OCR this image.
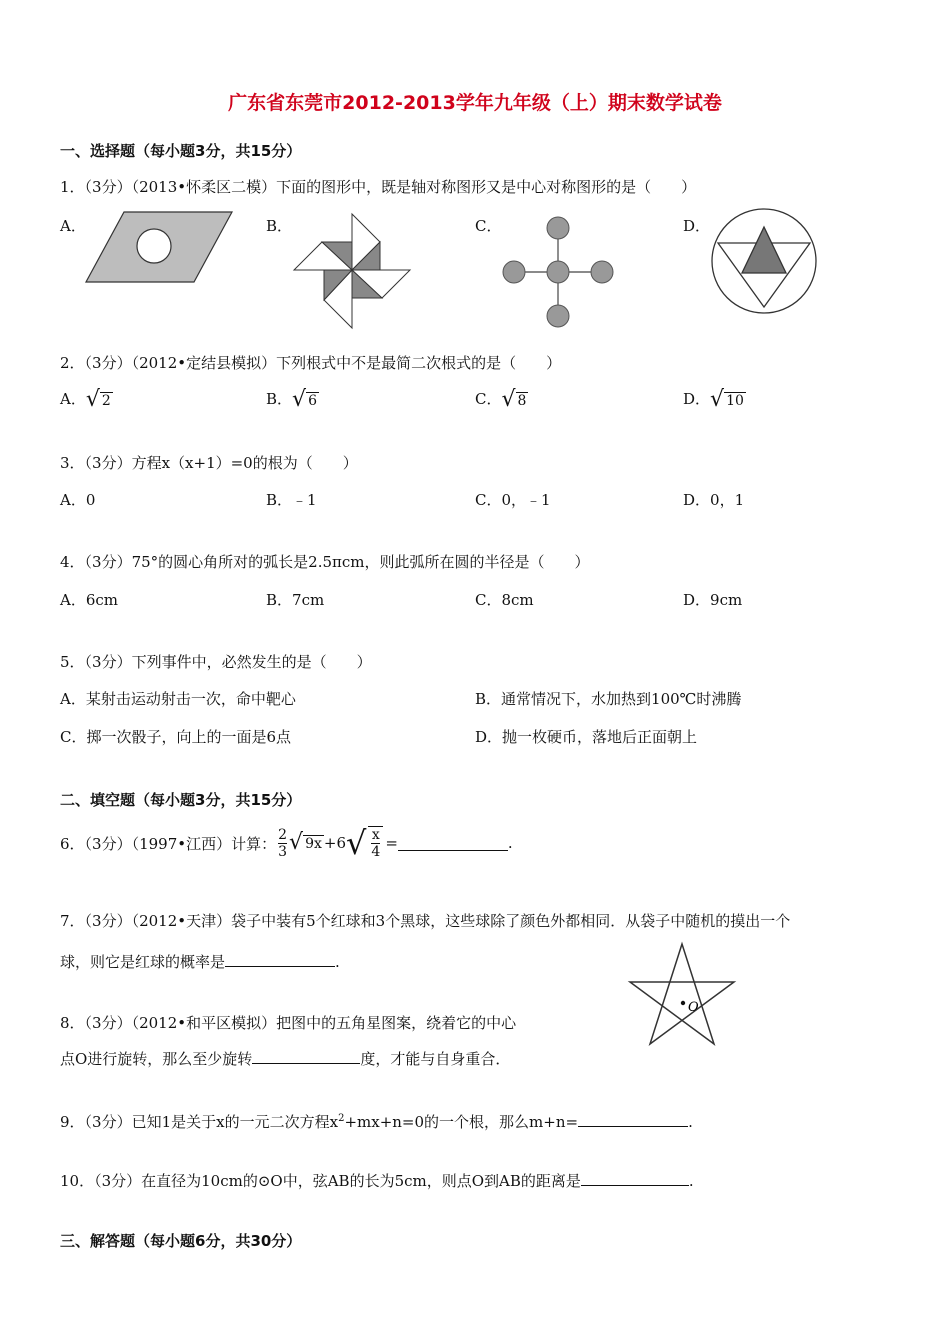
广东省东莞市2012-2013学年九年级（上）期末数学试卷
一、选择题（每小题3分，共15分）
1．（3分）（2013•怀柔区二模）下面的图形中，既是轴对称图形又是中心对称图形的是（　　）
A．	B．	C．	D．
2．（3分）（2012•定结县模拟）下列根式中不是最简二次根式的是（　　）
A． √ 2	B． √ 6	C． √ 8	D． √ 10
3．（3分）方程x（x+1）=0的根为（　　）
A．0	B．﹣1	C．0，﹣1	D．0，1
4．（3分）75°的圆心角所对的弧长是2.5πcm，则此弧所在圆的半径是（　　）
A．6cm	B．7cm	C．8cm	D．9cm
5．（3分）下列事件中，必然发生的是（　　）
A．某射击运动射击一次，命中靶心	B．通常情况下，水加热到100℃时沸腾
C．掷一次骰子，向上的一面是6点	D．抛一枚硬币，落地后正面朝上
二、填空题（每小题3分，共15分）
6．（3分）（1997•江西）计算： $\frac{2}{3}$ √ 9x +6 √ $\frac{x}{4}$ =	.
7．（3分）（2012•天津）袋子中装有5个红球和3个黑球，这些球除了颜色外都相同．从袋子中随机的摸出一个
球，则它是红球的概率是	.
O
8．（3分）（2012•和平区模拟）把图中的五角星图案，绕着它的中心
点O进行旋转，那么至少旋转	度，才能与自身重合．
9．（3分）已知1是关于x的一元二次方程$x^2+mx+n=0$的一个根，那么m+n=	.
10．（3分）在直径为10cm的⊙O中，弦AB的长为5cm，则点O到AB的距离是	.
三、解答题（每小题6分，共30分）
